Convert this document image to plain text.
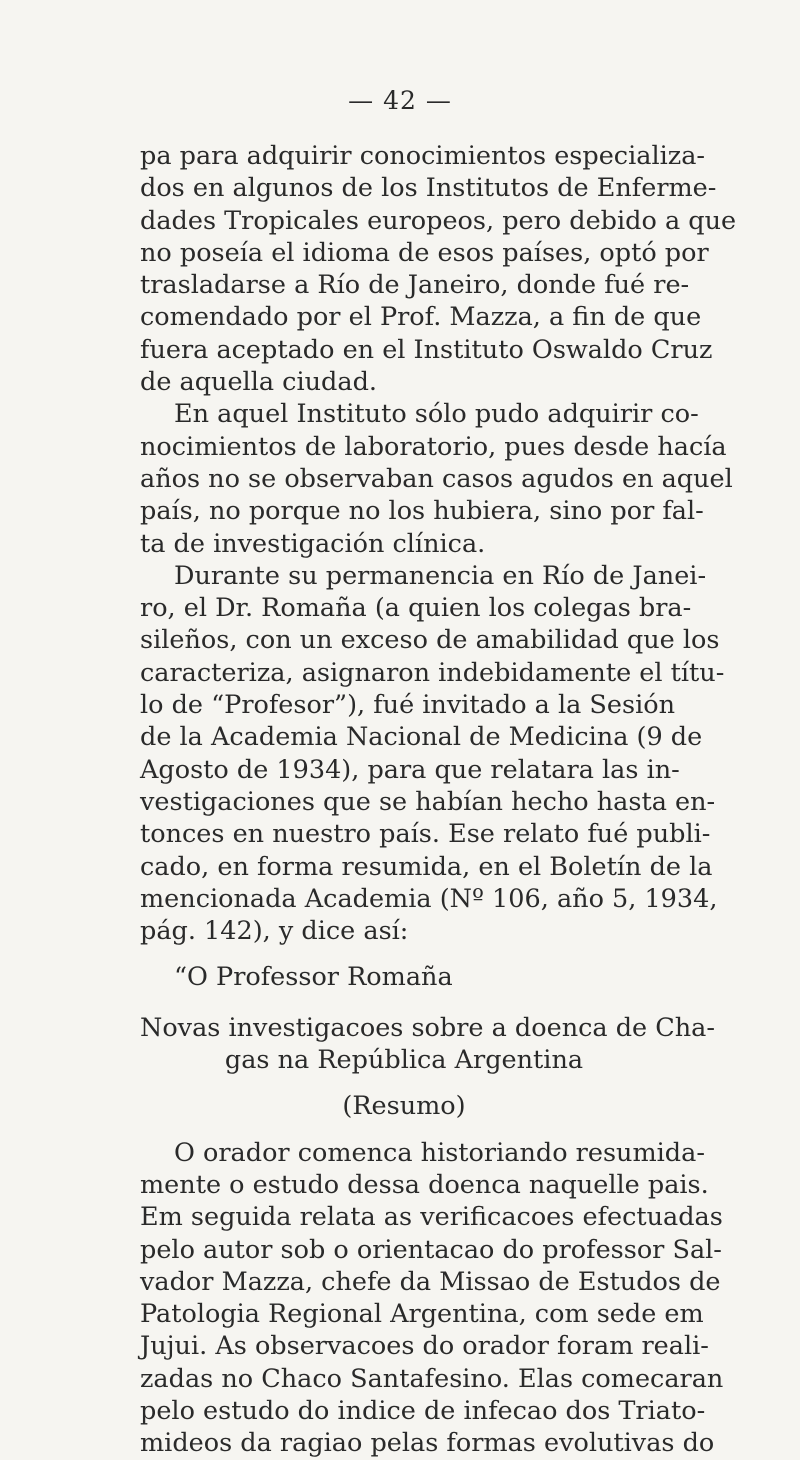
— 42 —
pa para adquirir conocimientos especializa-
dos en algunos de los Institutos de Enferme-
dades Tropicales europeos, pero debido a que
no poseía el idioma de esos países, optó por
trasladarse a Río de Janeiro, donde fué re-
comendado por el Prof. Mazza, a fin de que
fuera aceptado en el Instituto Oswaldo Cruz
de aquella ciudad.
En aquel Instituto sólo pudo adquirir co-
nocimientos de laboratorio, pues desde hacía
años no se observaban casos agudos en aquel
país, no porque no los hubiera, sino por fal-
ta de investigación clínica.
Durante su permanencia en Río de Janei-
ro, el Dr. Romaña (a quien los colegas bra-
sileños, con un exceso de amabilidad que los
caracteriza, asignaron indebidamente el títu-
lo de “Profesor”), fué invitado a la Sesión
de la Academia Nacional de Medicina (9 de
Agosto de 1934), para que relatara las in-
vestigaciones que se habían hecho hasta en-
tonces en nuestro país. Ese relato fué publi-
cado, en forma resumida, en el Boletín de la
mencionada Academia (Nº 106, año 5, 1934,
pág. 142), y dice así:
“O Professor Romaña
Novas investigacoes sobre a doenca de Cha-
gas na República Argentina
(Resumo)
O orador comenca historiando resumida-
mente o estudo dessa doenca naquelle pais.
Em seguida relata as verificacoes efectuadas
pelo autor sob o orientacao do professor Sal-
vador Mazza, chefe da Missao de Estudos de
Patologia Regional Argentina, com sede em
Jujui. As observacoes do orador foram reali-
zadas no Chaco Santafesino. Elas comecaran
pelo estudo do indice de infecao dos Triato-
mideos da ragiao pelas formas evolutivas do
